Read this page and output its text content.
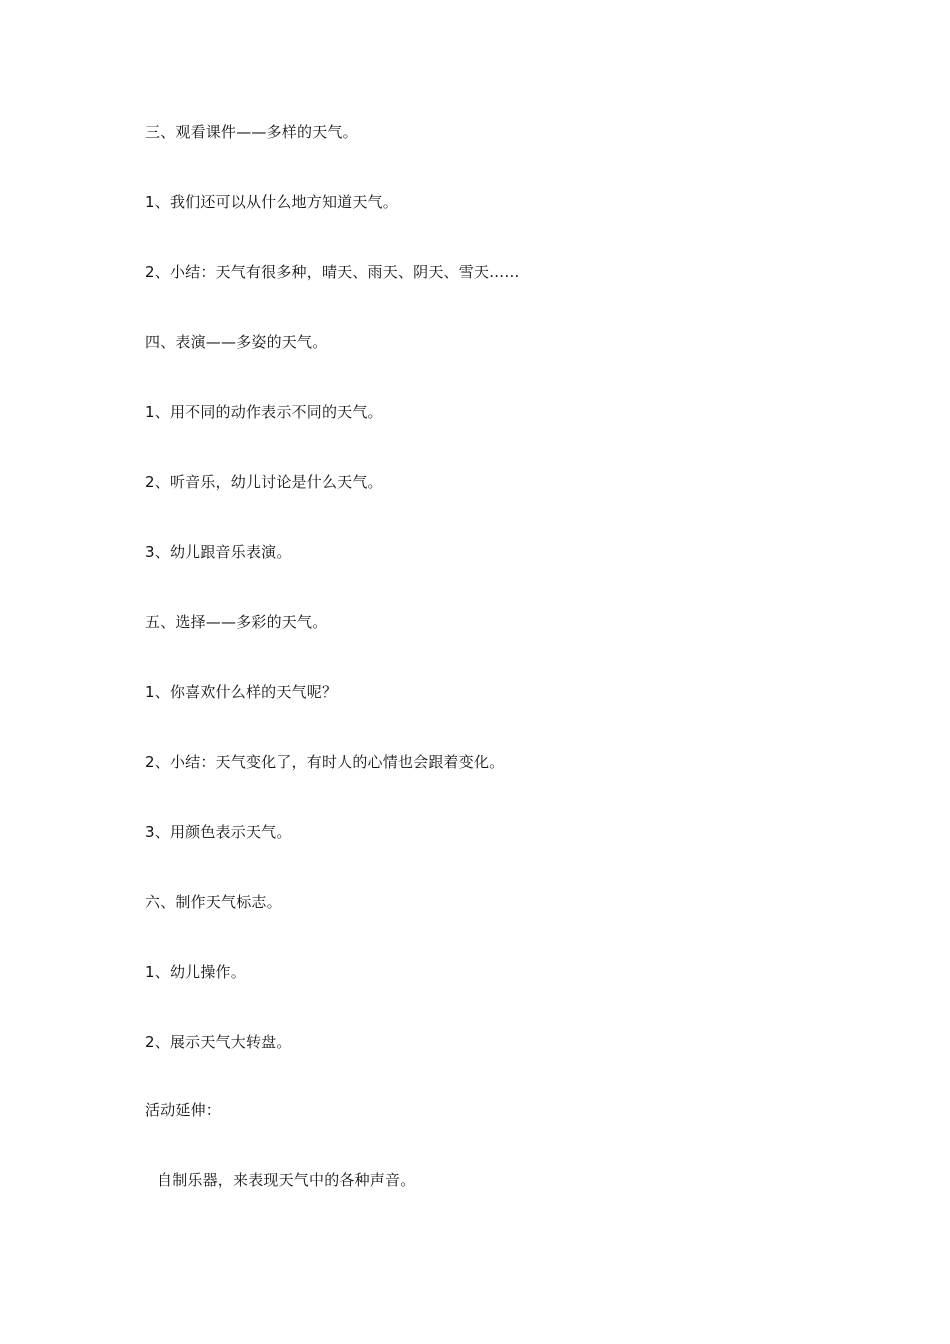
三、观看课件——多样的天气。
1、我们还可以从什么地方知道天气。
2、小结：天气有很多种，晴天、雨天、阴天、雪天……
四、表演——多姿的天气。
1、用不同的动作表示不同的天气。
2、听音乐，幼儿讨论是什么天气。
3、幼儿跟音乐表演。
五、选择——多彩的天气。
1、你喜欢什么样的天气呢？
2、小结：天气变化了，有时人的心情也会跟着变化。
3、用颜色表示天气。
六、制作天气标志。
1、幼儿操作。
2、展示天气大转盘。
活动延伸：
自制乐器，来表现天气中的各种声音。
